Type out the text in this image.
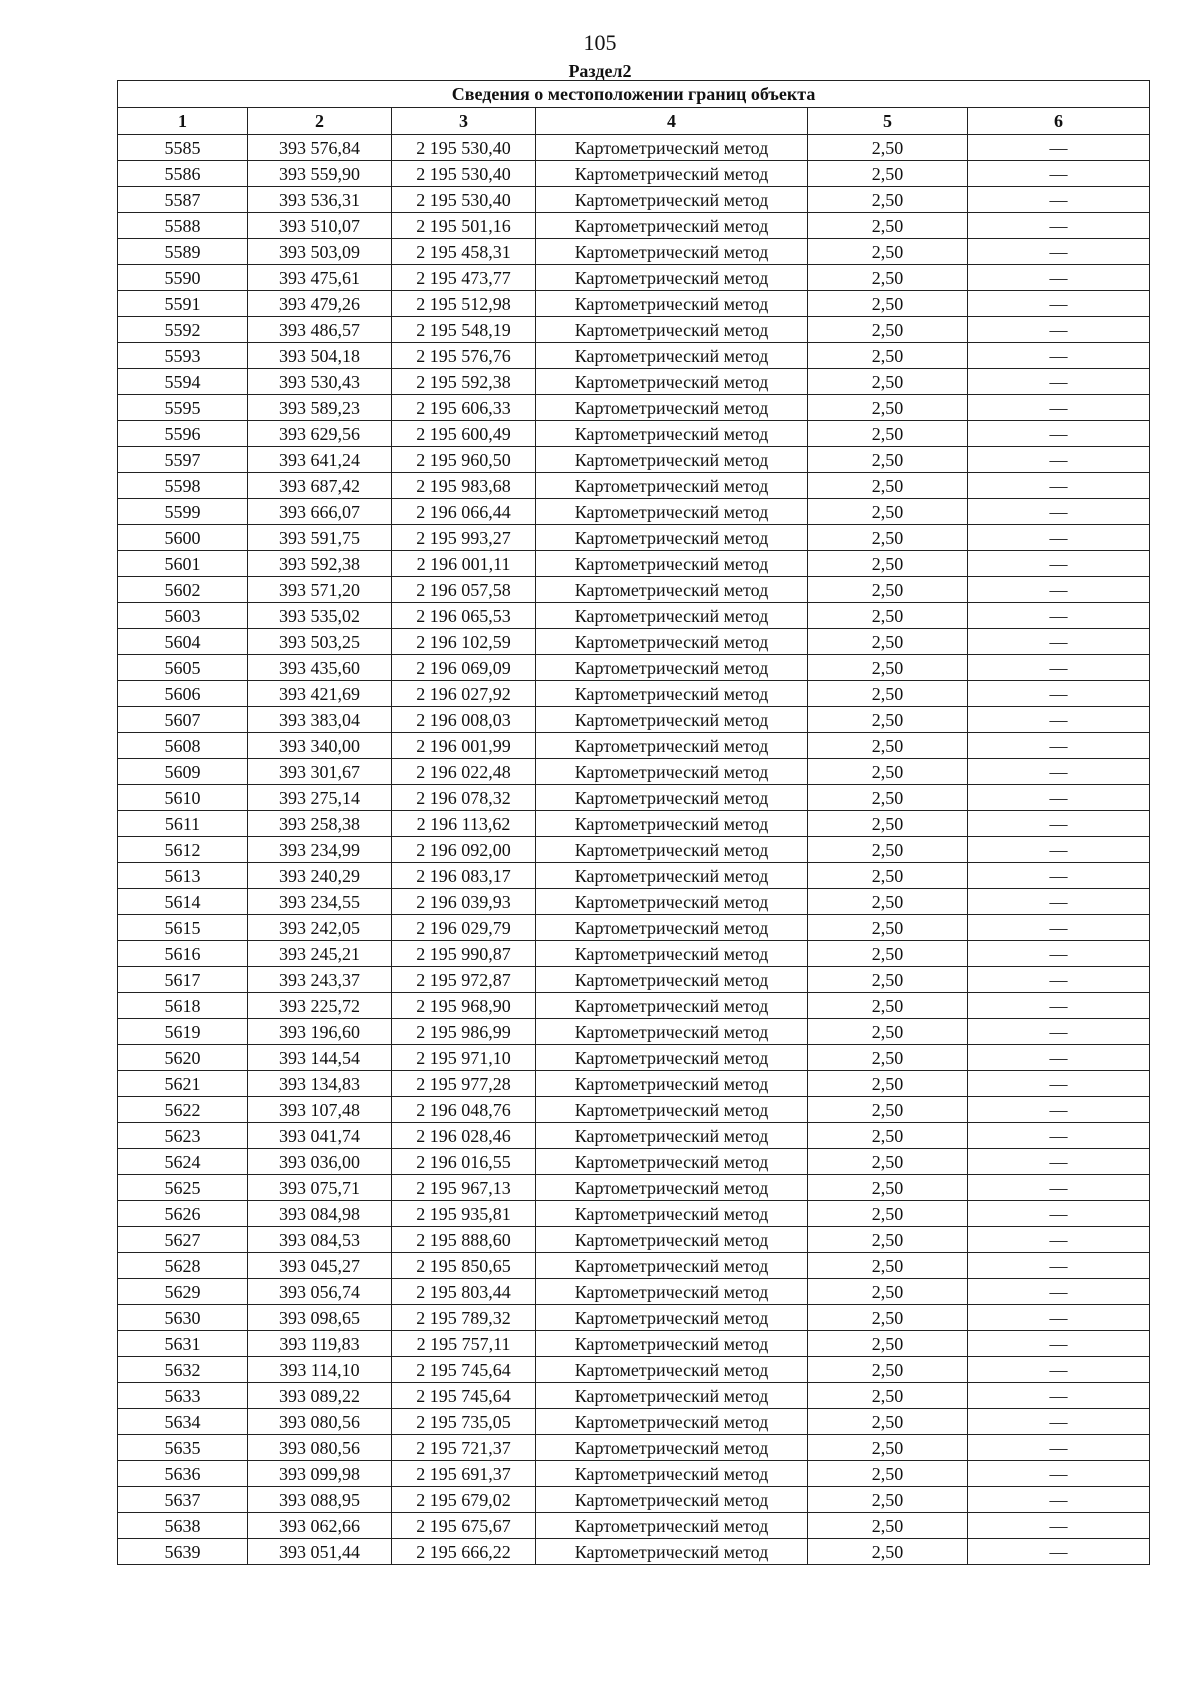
105
Раздел2
Сведения о местоположении границ объекта					
1	2	3	4	5	6
5585	393 576,84	2 195 530,40	Картометрический метод	2,50	—
5586	393 559,90	2 195 530,40	Картометрический метод	2,50	—
5587	393 536,31	2 195 530,40	Картометрический метод	2,50	—
5588	393 510,07	2 195 501,16	Картометрический метод	2,50	—
5589	393 503,09	2 195 458,31	Картометрический метод	2,50	—
5590	393 475,61	2 195 473,77	Картометрический метод	2,50	—
5591	393 479,26	2 195 512,98	Картометрический метод	2,50	—
5592	393 486,57	2 195 548,19	Картометрический метод	2,50	—
5593	393 504,18	2 195 576,76	Картометрический метод	2,50	—
5594	393 530,43	2 195 592,38	Картометрический метод	2,50	—
5595	393 589,23	2 195 606,33	Картометрический метод	2,50	—
5596	393 629,56	2 195 600,49	Картометрический метод	2,50	—
5597	393 641,24	2 195 960,50	Картометрический метод	2,50	—
5598	393 687,42	2 195 983,68	Картометрический метод	2,50	—
5599	393 666,07	2 196 066,44	Картометрический метод	2,50	—
5600	393 591,75	2 195 993,27	Картометрический метод	2,50	—
5601	393 592,38	2 196 001,11	Картометрический метод	2,50	—
5602	393 571,20	2 196 057,58	Картометрический метод	2,50	—
5603	393 535,02	2 196 065,53	Картометрический метод	2,50	—
5604	393 503,25	2 196 102,59	Картометрический метод	2,50	—
5605	393 435,60	2 196 069,09	Картометрический метод	2,50	—
5606	393 421,69	2 196 027,92	Картометрический метод	2,50	—
5607	393 383,04	2 196 008,03	Картометрический метод	2,50	—
5608	393 340,00	2 196 001,99	Картометрический метод	2,50	—
5609	393 301,67	2 196 022,48	Картометрический метод	2,50	—
5610	393 275,14	2 196 078,32	Картометрический метод	2,50	—
5611	393 258,38	2 196 113,62	Картометрический метод	2,50	—
5612	393 234,99	2 196 092,00	Картометрический метод	2,50	—
5613	393 240,29	2 196 083,17	Картометрический метод	2,50	—
5614	393 234,55	2 196 039,93	Картометрический метод	2,50	—
5615	393 242,05	2 196 029,79	Картометрический метод	2,50	—
5616	393 245,21	2 195 990,87	Картометрический метод	2,50	—
5617	393 243,37	2 195 972,87	Картометрический метод	2,50	—
5618	393 225,72	2 195 968,90	Картометрический метод	2,50	—
5619	393 196,60	2 195 986,99	Картометрический метод	2,50	—
5620	393 144,54	2 195 971,10	Картометрический метод	2,50	—
5621	393 134,83	2 195 977,28	Картометрический метод	2,50	—
5622	393 107,48	2 196 048,76	Картометрический метод	2,50	—
5623	393 041,74	2 196 028,46	Картометрический метод	2,50	—
5624	393 036,00	2 196 016,55	Картометрический метод	2,50	—
5625	393 075,71	2 195 967,13	Картометрический метод	2,50	—
5626	393 084,98	2 195 935,81	Картометрический метод	2,50	—
5627	393 084,53	2 195 888,60	Картометрический метод	2,50	—
5628	393 045,27	2 195 850,65	Картометрический метод	2,50	—
5629	393 056,74	2 195 803,44	Картометрический метод	2,50	—
5630	393 098,65	2 195 789,32	Картометрический метод	2,50	—
5631	393 119,83	2 195 757,11	Картометрический метод	2,50	—
5632	393 114,10	2 195 745,64	Картометрический метод	2,50	—
5633	393 089,22	2 195 745,64	Картометрический метод	2,50	—
5634	393 080,56	2 195 735,05	Картометрический метод	2,50	—
5635	393 080,56	2 195 721,37	Картометрический метод	2,50	—
5636	393 099,98	2 195 691,37	Картометрический метод	2,50	—
5637	393 088,95	2 195 679,02	Картометрический метод	2,50	—
5638	393 062,66	2 195 675,67	Картометрический метод	2,50	—
5639	393 051,44	2 195 666,22	Картометрический метод	2,50	—
